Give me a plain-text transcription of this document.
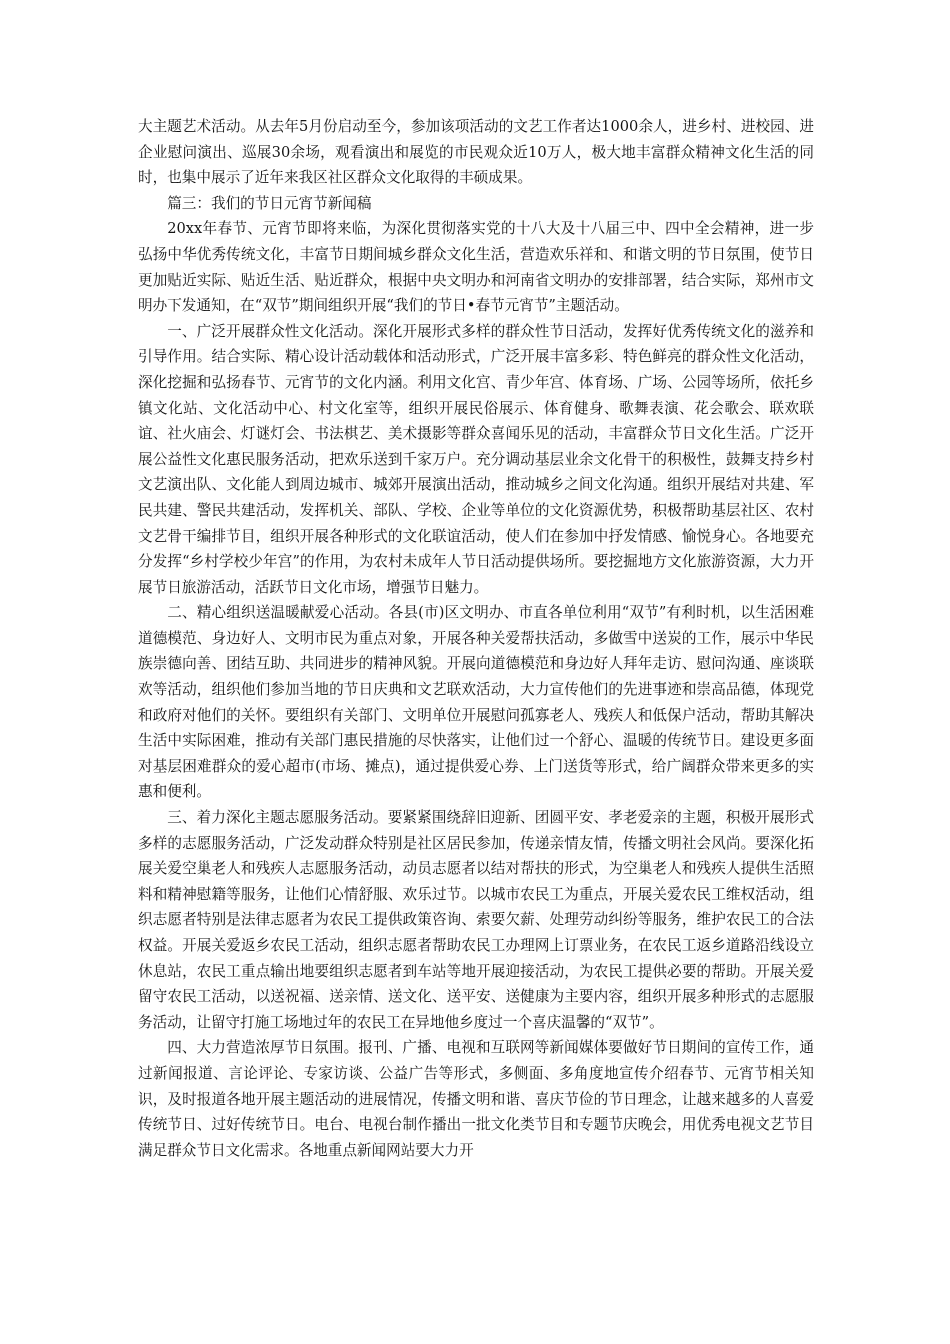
大主题艺术活动。从去年5月份启动至今，参加该项活动的文艺工作者达1000余人，进乡村、进校园、进企业慰问演出、巡展30余场，观看演出和展览的市民观众近10万人，极大地丰富群众精神文化生活的同时，也集中展示了近年来我区社区群众文化取得的丰硕成果。

篇三：我们的节日元宵节新闻稿

20xx年春节、元宵节即将来临，为深化贯彻落实党的十八大及十八届三中、四中全会精神，进一步弘扬中华优秀传统文化，丰富节日期间城乡群众文化生活，营造欢乐祥和、和谐文明的节日氛围，使节日更加贴近实际、贴近生活、贴近群众，根据中央文明办和河南省文明办的安排部署，结合实际，郑州市文明办下发通知，在“双节”期间组织开展“我们的节日•春节元宵节”主题活动。

一、广泛开展群众性文化活动。深化开展形式多样的群众性节日活动，发挥好优秀传统文化的滋养和引导作用。结合实际、精心设计活动载体和活动形式，广泛开展丰富多彩、特色鲜亮的群众性文化活动，深化挖掘和弘扬春节、元宵节的文化内涵。利用文化宫、青少年宫、体育场、广场、公园等场所，依托乡镇文化站、文化活动中心、村文化室等，组织开展民俗展示、体育健身、歌舞表演、花会歌会、联欢联谊、社火庙会、灯谜灯会、书法棋艺、美术摄影等群众喜闻乐见的活动，丰富群众节日文化生活。广泛开展公益性文化惠民服务活动，把欢乐送到千家万户。充分调动基层业余文化骨干的积极性，鼓舞支持乡村文艺演出队、文化能人到周边城市、城郊开展演出活动，推动城乡之间文化沟通。组织开展结对共建、军民共建、警民共建活动，发挥机关、部队、学校、企业等单位的文化资源优势，积极帮助基层社区、农村文艺骨干编排节目，组织开展各种形式的文化联谊活动，使人们在参加中抒发情感、愉悦身心。各地要充分发挥“乡村学校少年宫”的作用，为农村未成年人节日活动提供场所。要挖掘地方文化旅游资源，大力开展节日旅游活动，活跃节日文化市场，增强节日魅力。

二、精心组织送温暖献爱心活动。各县(市)区文明办、市直各单位利用“双节”有利时机，以生活困难道德模范、身边好人、文明市民为重点对象，开展各种关爱帮扶活动，多做雪中送炭的工作，展示中华民族崇德向善、团结互助、共同进步的精神风貌。开展向道德模范和身边好人拜年走访、慰问沟通、座谈联欢等活动，组织他们参加当地的节日庆典和文艺联欢活动，大力宣传他们的先进事迹和崇高品德，体现党和政府对他们的关怀。要组织有关部门、文明单位开展慰问孤寡老人、残疾人和低保户活动，帮助其解决生活中实际困难，推动有关部门惠民措施的尽快落实，让他们过一个舒心、温暖的传统节日。建设更多面对基层困难群众的爱心超市(市场、摊点)，通过提供爱心券、上门送货等形式，给广阔群众带来更多的实惠和便利。

三、着力深化主题志愿服务活动。要紧紧围绕辞旧迎新、团圆平安、孝老爱亲的主题，积极开展形式多样的志愿服务活动，广泛发动群众特别是社区居民参加，传递亲情友情，传播文明社会风尚。要深化拓展关爱空巢老人和残疾人志愿服务活动，动员志愿者以结对帮扶的形式，为空巢老人和残疾人提供生活照料和精神慰籍等服务，让他们心情舒服、欢乐过节。以城市农民工为重点，开展关爱农民工维权活动，组织志愿者特别是法律志愿者为农民工提供政策咨询、索要欠薪、处理劳动纠纷等服务，维护农民工的合法权益。开展关爱返乡农民工活动，组织志愿者帮助农民工办理网上订票业务，在农民工返乡道路沿线设立休息站，农民工重点输出地要组织志愿者到车站等地开展迎接活动，为农民工提供必要的帮助。开展关爱留守农民工活动，以送祝福、送亲情、送文化、送平安、送健康为主要内容，组织开展多种形式的志愿服务活动，让留守打施工场地过年的农民工在异地他乡度过一个喜庆温馨的“双节”。

四、大力营造浓厚节日氛围。报刊、广播、电视和互联网等新闻媒体要做好节日期间的宣传工作，通过新闻报道、言论评论、专家访谈、公益广告等形式，多侧面、多角度地宣传介绍春节、元宵节相关知识，及时报道各地开展主题活动的进展情况，传播文明和谐、喜庆节俭的节日理念，让越来越多的人喜爱传统节日、过好传统节日。电台、电视台制作播出一批文化类节目和专题节庆晚会，用优秀电视文艺节目满足群众节日文化需求。各地重点新闻网站要大力开
